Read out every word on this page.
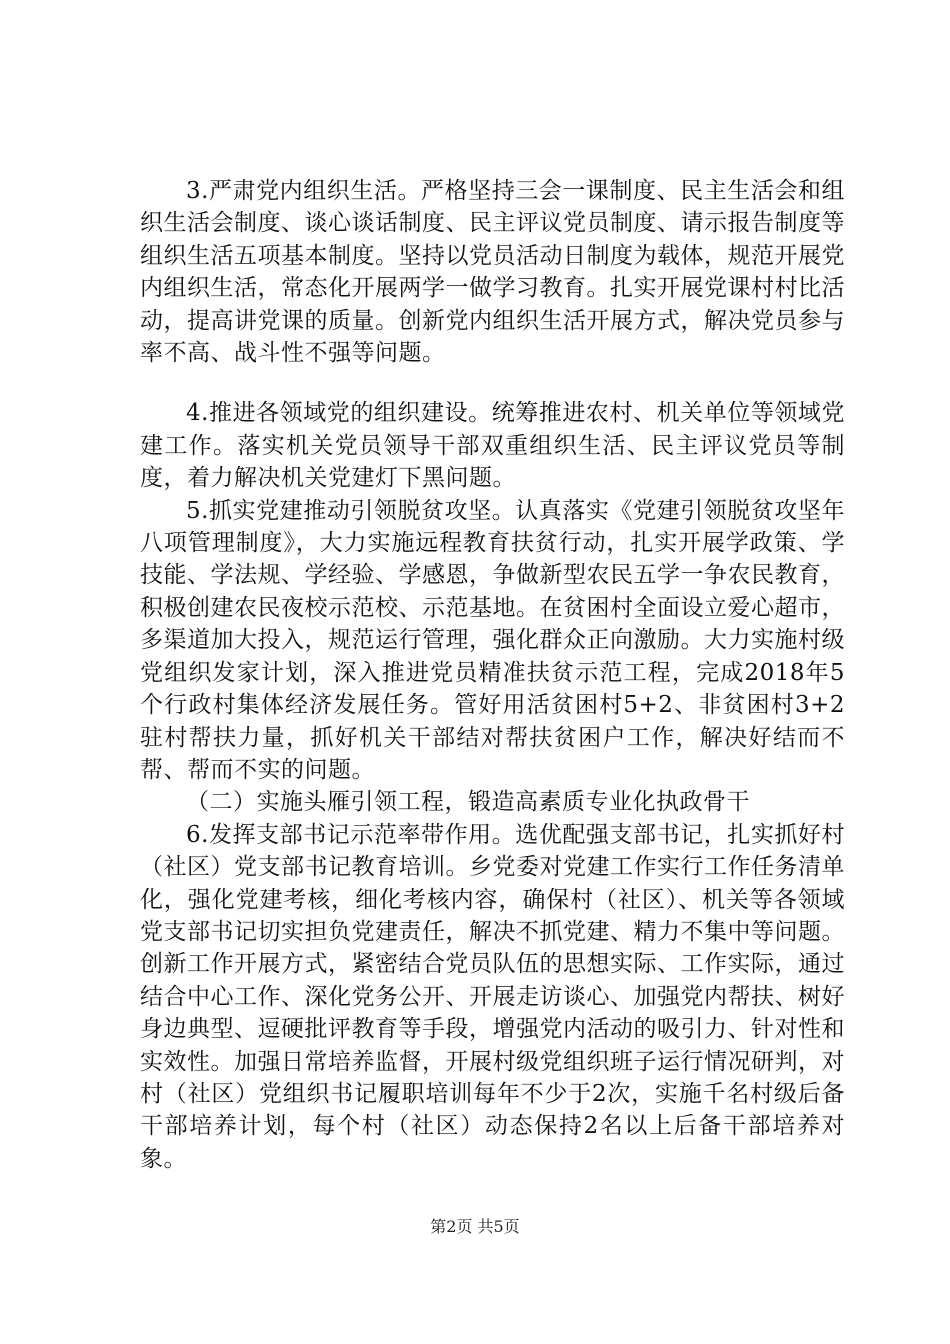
3.严肃党内组织生活。严格坚持三会一课制度、民主生活会和组织生活会制度、谈心谈话制度、民主评议党员制度、请示报告制度等组织生活五项基本制度。坚持以党员活动日制度为载体，规范开展党内组织生活，常态化开展两学一做学习教育。扎实开展党课村村比活动，提高讲党课的质量。创新党内组织生活开展方式，解决党员参与率不高、战斗性不强等问题。

4.推进各领域党的组织建设。统筹推进农村、机关单位等领域党建工作。落实机关党员领导干部双重组织生活、民主评议党员等制度，着力解决机关党建灯下黑问题。

5.抓实党建推动引领脱贫攻坚。认真落实《党建引领脱贫攻坚年八项管理制度》，大力实施远程教育扶贫行动，扎实开展学政策、学技能、学法规、学经验、学感恩，争做新型农民五学一争农民教育，积极创建农民夜校示范校、示范基地。在贫困村全面设立爱心超市，多渠道加大投入，规范运行管理，强化群众正向激励。大力实施村级党组织发家计划，深入推进党员精准扶贫示范工程，完成2018年5个行政村集体经济发展任务。管好用活贫困村5+2、非贫困村3+2驻村帮扶力量，抓好机关干部结对帮扶贫困户工作，解决好结而不帮、帮而不实的问题。

（二）实施头雁引领工程，锻造高素质专业化执政骨干

6.发挥支部书记示范率带作用。选优配强支部书记，扎实抓好村（社区）党支部书记教育培训。乡党委对党建工作实行工作任务清单化，强化党建考核，细化考核内容，确保村（社区）、机关等各领域党支部书记切实担负党建责任，解决不抓党建、精力不集中等问题。创新工作开展方式，紧密结合党员队伍的思想实际、工作实际，通过结合中心工作、深化党务公开、开展走访谈心、加强党内帮扶、树好身边典型、逗硬批评教育等手段，增强党内活动的吸引力、针对性和实效性。加强日常培养监督，开展村级党组织班子运行情况研判，对村（社区）党组织书记履职培训每年不少于2次，实施千名村级后备干部培养计划，每个村（社区）动态保持2名以上后备干部培养对象。

第2页 共5页
